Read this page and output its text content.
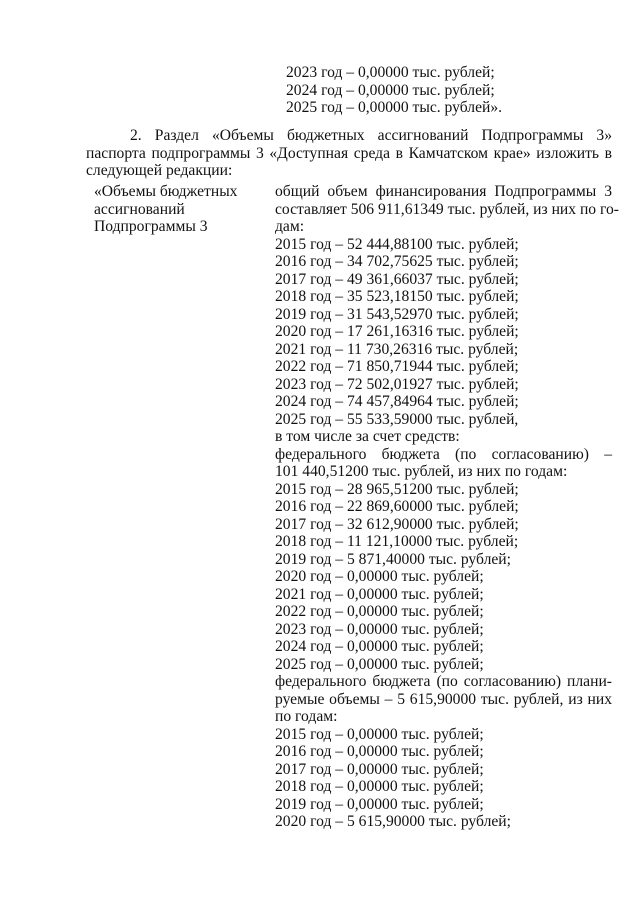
2023 год – 0,00000 тыс. рублей;
2024 год – 0,00000 тыс. рублей;
2025 год – 0,00000 тыс. рублей».
2. Раздел «Объемы бюджетных ассигнований Подпрограммы 3» паспорта подпрограммы 3 «Доступная среда в Камчатском крае» изложить в следующей редакции:
«Объемы бюджетных
ассигнований
Подпрограммы 3
общий объем финансирования Подпрограммы 3
составляет 506 911,61349 тыс. рублей, из них по го-
дам:
2015 год – 52 444,88100 тыс. рублей;
2016 год – 34 702,75625 тыс. рублей;
2017 год – 49 361,66037 тыс. рублей;
2018 год – 35 523,18150 тыс. рублей;
2019 год – 31 543,52970 тыс. рублей;
2020 год – 17 261,16316 тыс. рублей;
2021 год – 11 730,26316 тыс. рублей;
2022 год – 71 850,71944 тыс. рублей;
2023 год – 72 502,01927 тыс. рублей;
2024 год – 74 457,84964 тыс. рублей;
2025 год – 55 533,59000 тыс. рублей,
в том числе за счет средств:
федерального бюджета (по согласованию) –
101 440,51200 тыс. рублей, из них по годам:
2015 год – 28 965,51200 тыс. рублей;
2016 год – 22 869,60000 тыс. рублей;
2017 год – 32 612,90000 тыс. рублей;
2018 год – 11 121,10000 тыс. рублей;
2019 год – 5 871,40000 тыс. рублей;
2020 год – 0,00000 тыс. рублей;
2021 год – 0,00000 тыс. рублей;
2022 год – 0,00000 тыс. рублей;
2023 год – 0,00000 тыс. рублей;
2024 год – 0,00000 тыс. рублей;
2025 год – 0,00000 тыс. рублей;
федерального бюджета (по согласованию) плани-руемые объемы – 5 615,90000 тыс. рублей, из них по годам:
2015 год – 0,00000 тыс. рублей;
2016 год – 0,00000 тыс. рублей;
2017 год – 0,00000 тыс. рублей;
2018 год – 0,00000 тыс. рублей;
2019 год – 0,00000 тыс. рублей;
2020 год – 5 615,90000 тыс. рублей;
